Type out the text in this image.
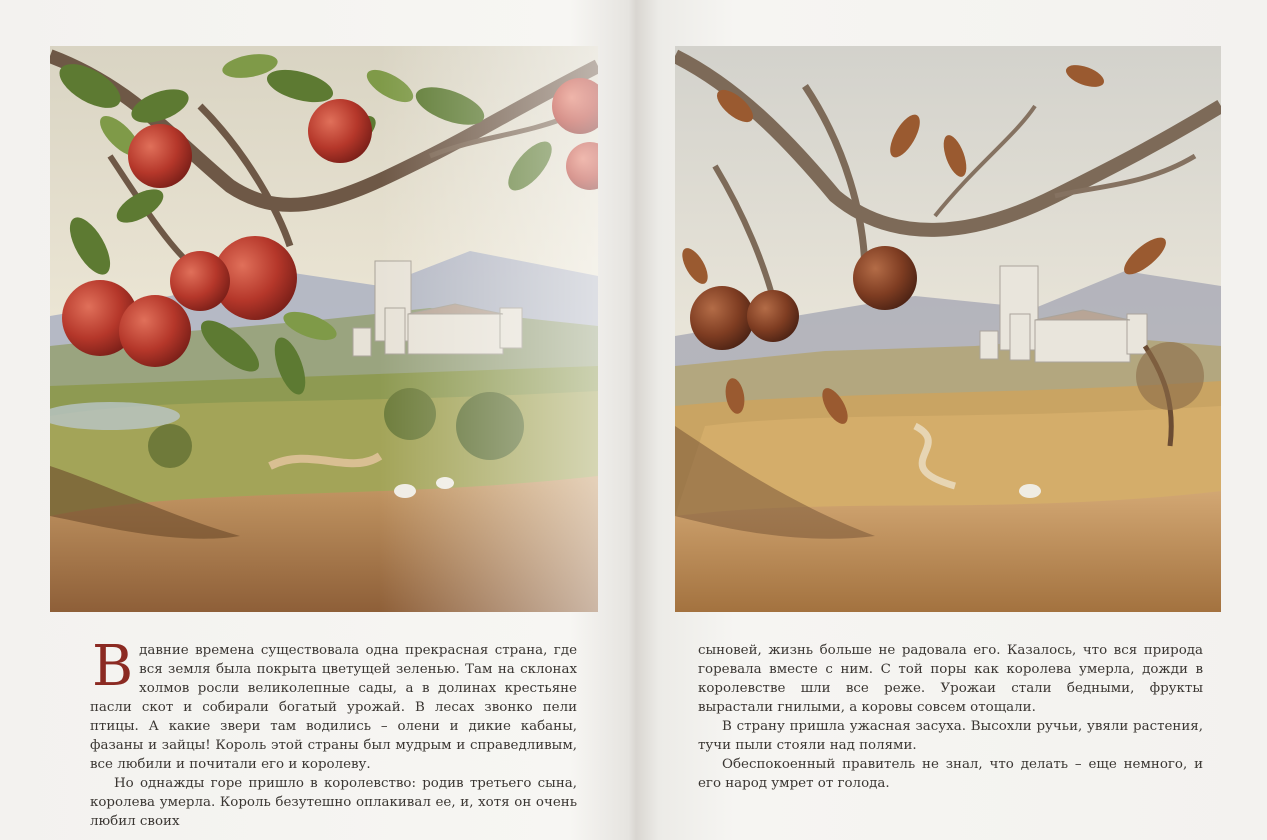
Вдавние времена существовала одна прекрасная страна, где вся земля была покрыта цветущей зеленью. Там на склонах холмов росли великолепные сады, а в долинах крестьяне пасли скот и собирали богатый урожай. В лесах звонко пели птицы. А какие звери там водились – олени и дикие кабаны, фазаны и зайцы! Король этой страны был мудрым и справедливым, все любили и почитали его и королеву.

Но однажды горе пришло в королевство: родив третьего сына, королева умерла. Король безутешно оплакивал ее, и, хотя он очень любил своих

сыновей, жизнь больше не радовала его. Казалось, что вся природа горевала вместе с ним. С той поры как королева умерла, дожди в королевстве шли все реже. Урожаи стали бедными, фрукты вырастали гнилыми, а коровы совсем отощали.

В страну пришла ужасная засуха. Высохли ручьи, увяли растения, тучи пыли стояли над полями.

Обеспокоенный правитель не знал, что делать – еще немного, и его народ умрет от голода.
